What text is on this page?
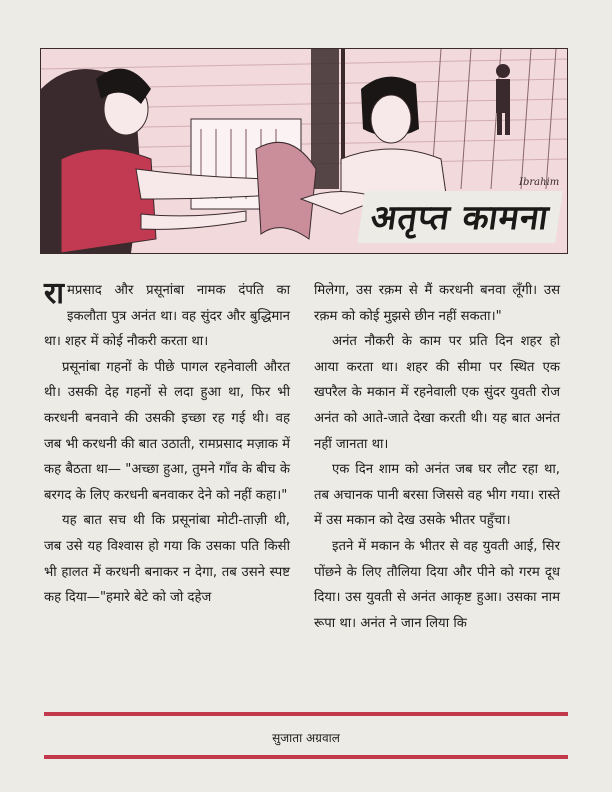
Ibrahim
अतृप्त कामना

रामप्रसाद और प्रसूनांबा नामक दंपति का इकलौता पुत्र अनंत था। वह सुंदर और बुद्धिमान था। शहर में कोई नौकरी करता था।

प्रसूनांबा गहनों के पीछे पागल रहनेवाली औरत थी। उसकी देह गहनों से लदा हुआ था, फिर भी करधनी बनवाने की उसकी इच्छा रह गई थी। वह जब भी करधनी की बात उठाती, रामप्रसाद मज़ाक में कह बैठता था— "अच्छा हुआ, तुमने गाँव के बीच के बरगद के लिए करधनी बनवाकर देने को नहीं कहा।"

यह बात सच थी कि प्रसूनांबा मोटी-ताज़ी थी, जब उसे यह विश्वास हो गया कि उसका पति किसी भी हालत में करधनी बनाकर न देगा, तब उसने स्पष्ट कह दिया—"हमारे बेटे को जो दहेज

मिलेगा, उस रक़म से मैं करधनी बनवा लूँगी। उस रक़म को कोई मुझसे छीन नहीं सकता।"

अनंत नौकरी के काम पर प्रति दिन शहर हो आया करता था। शहर की सीमा पर स्थित एक खपरैल के मकान में रहनेवाली एक सुंदर युवती रोज अनंत को आते-जाते देखा करती थी। यह बात अनंत नहीं जानता था।

एक दिन शाम को अनंत जब घर लौट रहा था, तब अचानक पानी बरसा जिससे वह भीग गया। रास्ते में उस मकान को देख उसके भीतर पहुँचा।

इतने में मकान के भीतर से वह युवती आई, सिर पोंछने के लिए तौलिया दिया और पीने को गरम दूध दिया। उस युवती से अनंत आकृष्ट हुआ। उसका नाम रूपा था। अनंत ने जान लिया कि

सुजाता अग्रवाल
